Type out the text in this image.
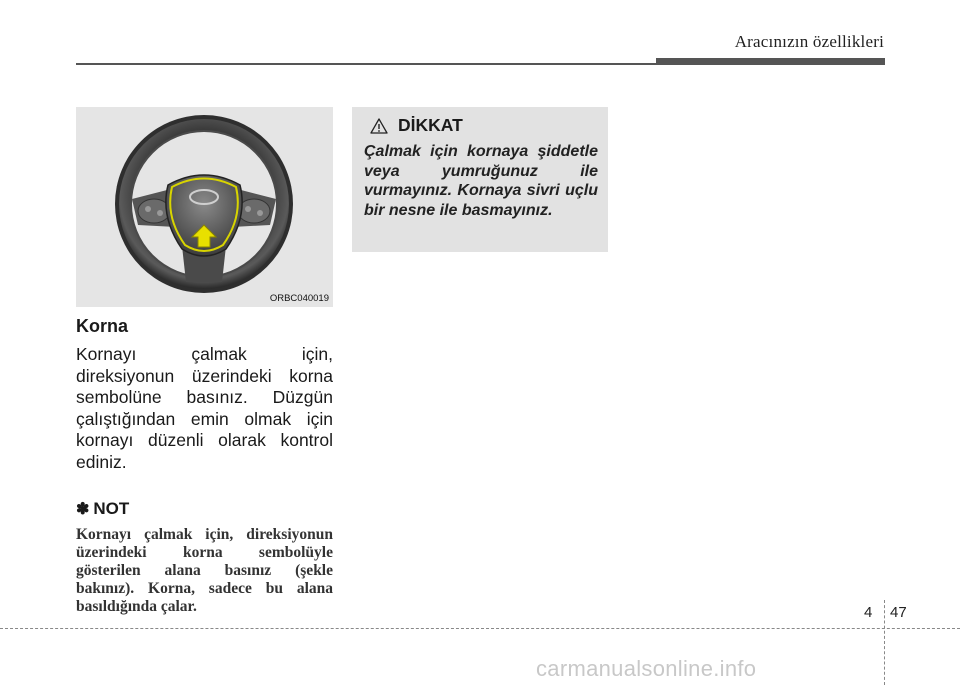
Aracınızın özellikleri
ORBC040019
Korna

Kornayı çalmak için, direksiyonun üzerindeki korna sembolüne basınız. Düzgün çalıştığından emin olmak için kornayı düzenli olarak kontrol ediniz.

✽ NOT
Kornayı çalmak için, direksiyonun üzerindeki korna sembolüyle gösterilen alana basınız (şekle bakınız). Korna, sadece bu alana basıldığında çalar.
DİKKAT
Çalmak için kornaya şiddetle veya yumruğunuz ile vurmayınız. Kornaya sivri uçlu bir nesne ile basmayınız.
4 47
carmanualsonline.info
